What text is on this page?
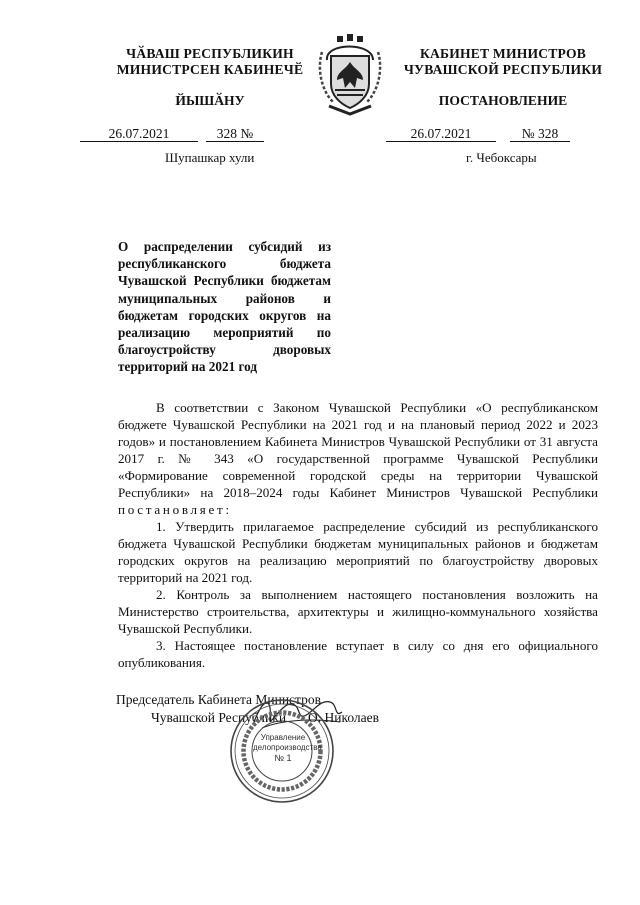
ЧӐВАШ РЕСПУБЛИКИН
МИНИСТРСЕН КАБИНЕЧӖ
КАБИНЕТ МИНИСТРОВ
ЧУВАШСКОЙ РЕСПУБЛИКИ
ЙЫШӐНУ	ПОСТАНОВЛЕНИЕ
26.07.2021	328 №	26.07.2021	№ 328
Шупашкар хули	г. Чебоксары
О распределении субсидий из республиканского бюджета Чувашской Республики бюджетам муниципальных районов и бюджетам городских округов на реализацию мероприятий по благоустройству дворовых территорий на 2021 год

В соответствии с Законом Чувашской Республики «О республиканском бюджете Чувашской Республики на 2021 год и на плановый период 2022 и 2023 годов» и постановлением Кабинета Министров Чувашской Республики от 31 августа 2017 г. № 343 «О государственной программе Чувашской Республики «Формирование современной городской среды на территории Чувашской Республики» на 2018–2024 годы Кабинет Министров Чувашской Республики постановляет:

1. Утвердить прилагаемое распределение субсидий из республиканского бюджета Чувашской Республики бюджетам муниципальных районов и бюджетам городских округов на реализацию мероприятий по благоустройству дворовых территорий на 2021 год.

2. Контроль за выполнением настоящего постановления возложить на Министерство строительства, архитектуры и жилищно-коммунального хозяйства Чувашской Республики.

3. Настоящее постановление вступает в силу со дня его официального опубликования.

Председатель Кабинета Министров
Чувашской Республики О. Николаев
Управление
делопроизводства
№ 1
